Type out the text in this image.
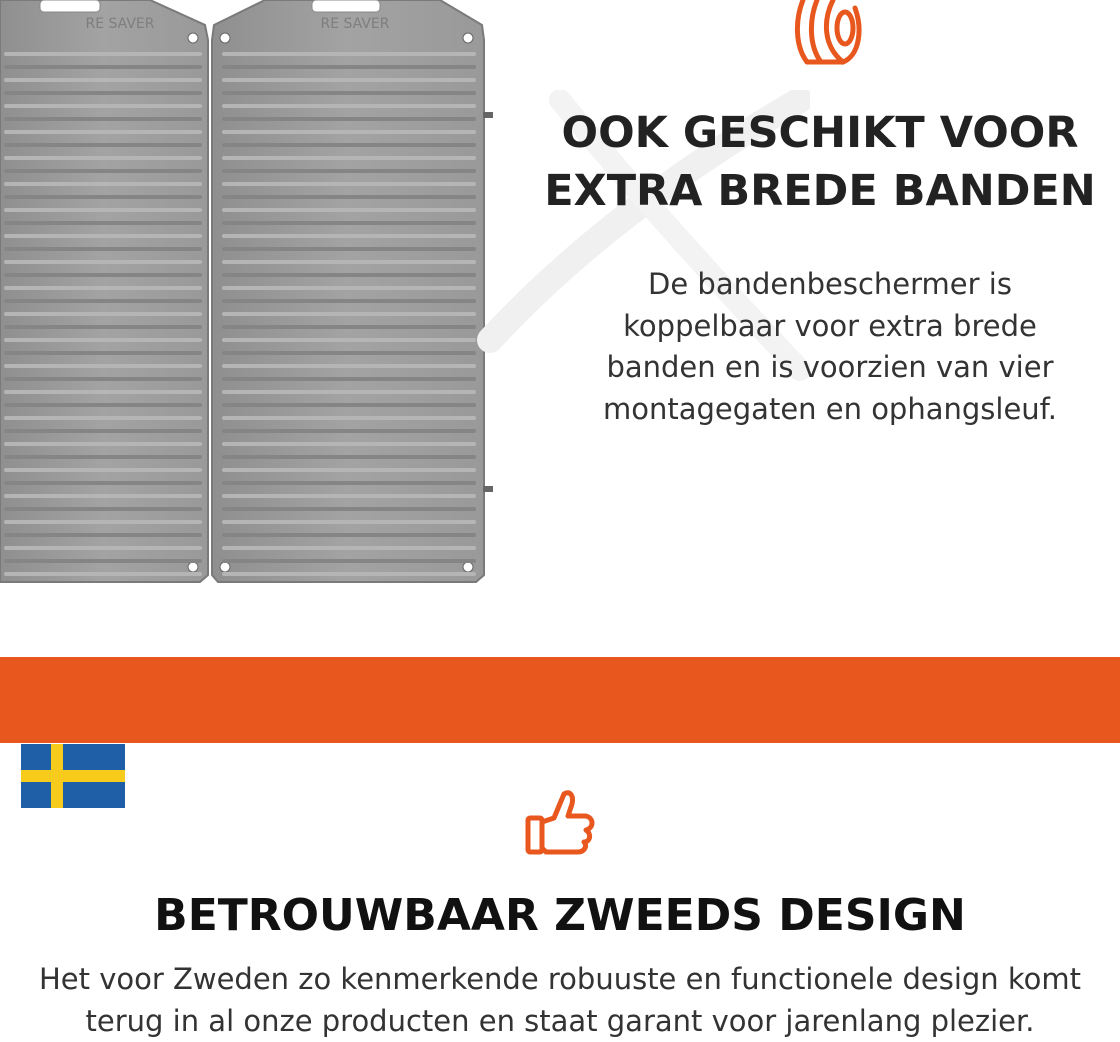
RE SAVER	RE SAVER
OOK GESCHIKT VOOR
EXTRA BREDE BANDEN

De bandenbeschermer is koppelbaar voor extra brede banden en is voorzien van vier montagegaten en ophangsleuf.

BETROUWBAAR ZWEEDS DESIGN
Het voor Zweden zo kenmerkende robuuste en functionele design komt
terug in al onze producten en staat garant voor jarenlang plezier.
